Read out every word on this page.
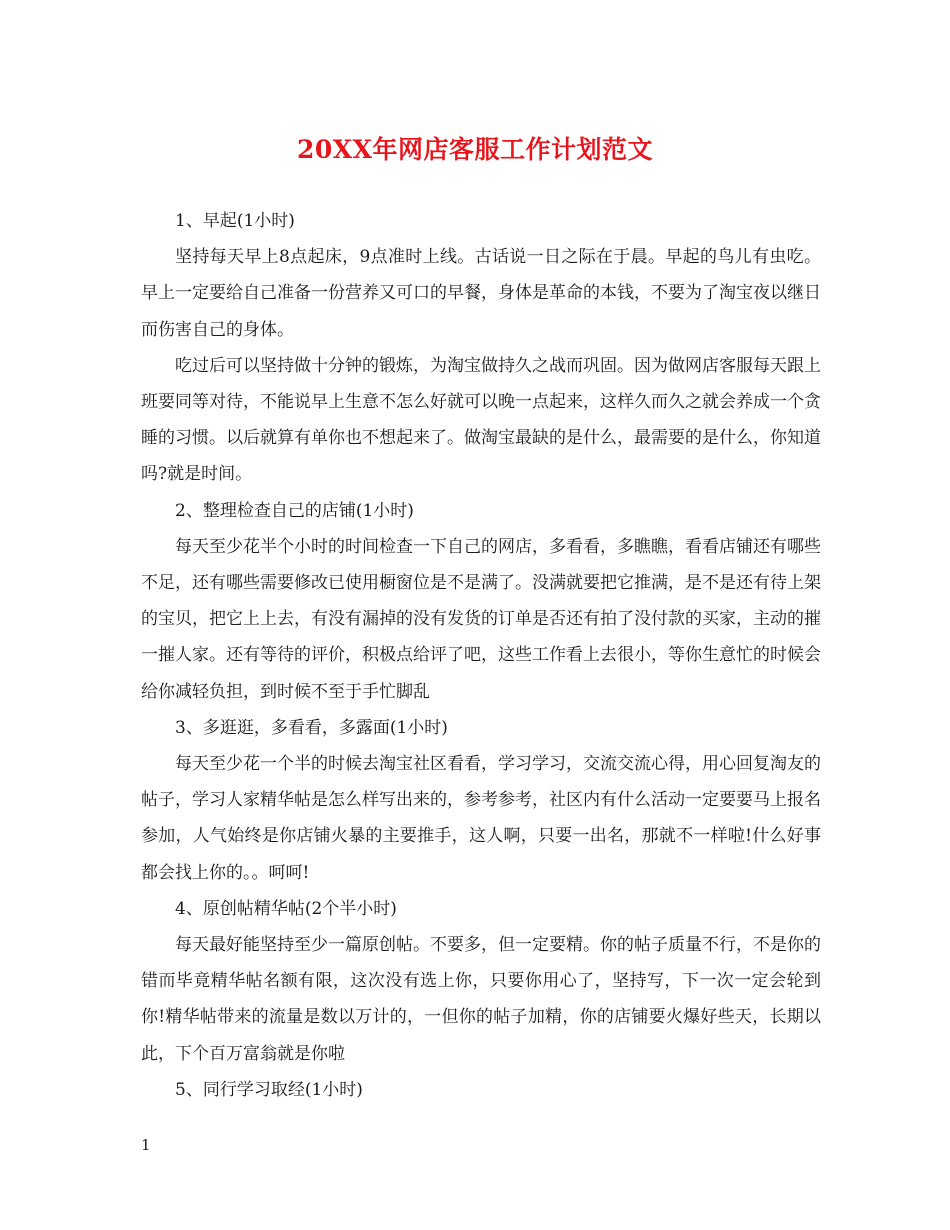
20XX年网店客服工作计划范文

1、早起(1小时)

坚持每天早上8点起床，9点准时上线。古话说一日之际在于晨。早起的鸟儿有虫吃。早上一定要给自己准备一份营养又可口的早餐，身体是革命的本钱，不要为了淘宝夜以继日而伤害自己的身体。

吃过后可以坚持做十分钟的锻炼，为淘宝做持久之战而巩固。因为做网店客服每天跟上班要同等对待，不能说早上生意不怎么好就可以晚一点起来，这样久而久之就会养成一个贪睡的习惯。以后就算有单你也不想起来了。做淘宝最缺的是什么，最需要的是什么，你知道吗?就是时间。

2、整理检查自己的店铺(1小时)

每天至少花半个小时的时间检查一下自己的网店，多看看，多瞧瞧，看看店铺还有哪些不足，还有哪些需要修改已使用橱窗位是不是满了。没满就要把它推满，是不是还有待上架的宝贝，把它上上去，有没有漏掉的没有发货的订单是否还有拍了没付款的买家，主动的摧一摧人家。还有等待的评价，积极点给评了吧，这些工作看上去很小，等你生意忙的时候会给你减轻负担，到时候不至于手忙脚乱

3、多逛逛，多看看，多露面(1小时)

每天至少花一个半的时候去淘宝社区看看，学习学习，交流交流心得，用心回复淘友的帖子，学习人家精华帖是怎么样写出来的，参考参考，社区内有什么活动一定要要马上报名参加，人气始终是你店铺火暴的主要推手，这人啊，只要一出名，那就不一样啦!什么好事都会找上你的。。呵呵!

4、原创帖精华帖(2个半小时)

每天最好能坚持至少一篇原创帖。不要多，但一定要精。你的帖子质量不行，不是你的错而毕竟精华帖名额有限，这次没有选上你，只要你用心了，坚持写，下一次一定会轮到你!精华帖带来的流量是数以万计的，一但你的帖子加精，你的店铺要火爆好些天，长期以此，下个百万富翁就是你啦

5、同行学习取经(1小时)

1
